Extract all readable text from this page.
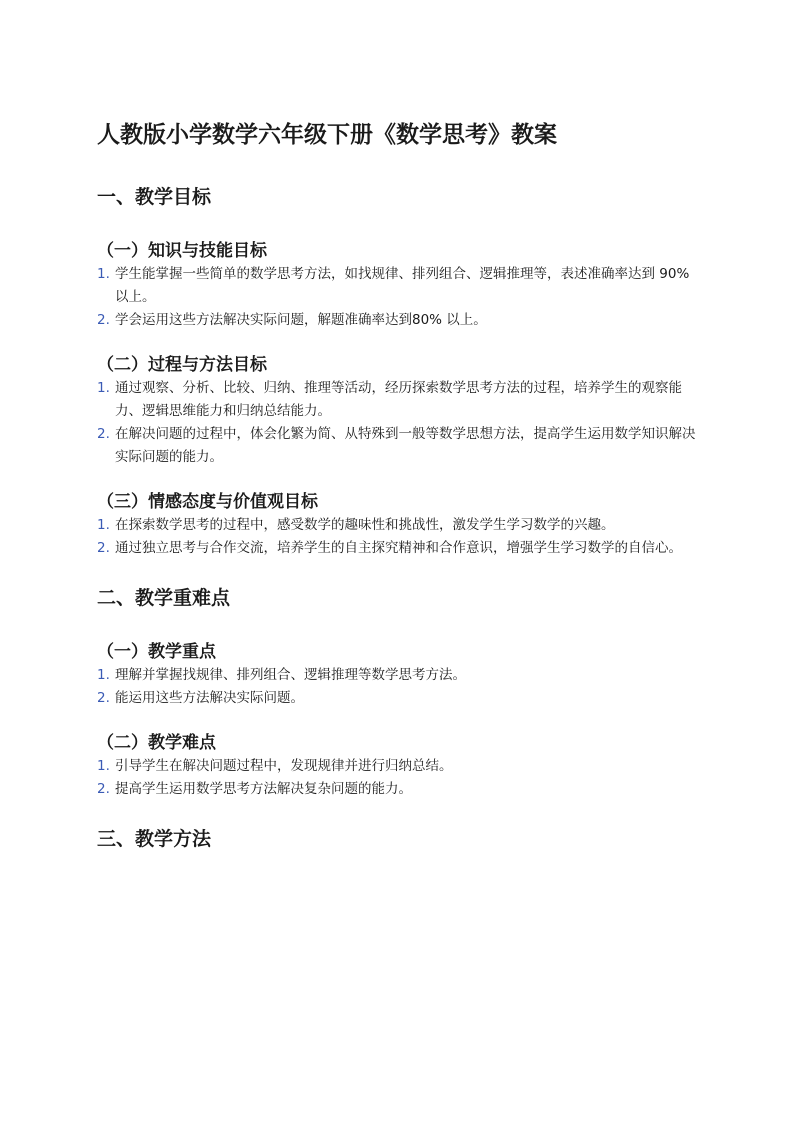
人教版小学数学六年级下册《数学思考》教案
一、教学目标
（一）知识与技能目标
1. 学生能掌握一些简单的数学思考方法，如找规律、排列组合、逻辑推理等，表述准确率达到 90% 以上。
2. 学会运用这些方法解决实际问题，解题准确率达到80% 以上。
（二）过程与方法目标
1. 通过观察、分析、比较、归纳、推理等活动，经历探索数学思考方法的过程，培养学生的观察能力、逻辑思维能力和归纳总结能力。
2. 在解决问题的过程中，体会化繁为简、从特殊到一般等数学思想方法，提高学生运用数学知识解决实际问题的能力。
（三）情感态度与价值观目标
1. 在探索数学思考的过程中，感受数学的趣味性和挑战性，激发学生学习数学的兴趣。
2. 通过独立思考与合作交流，培养学生的自主探究精神和合作意识，增强学生学习数学的自信心。
二、教学重难点
（一）教学重点
1. 理解并掌握找规律、排列组合、逻辑推理等数学思考方法。
2. 能运用这些方法解决实际问题。
（二）教学难点
1. 引导学生在解决问题过程中，发现规律并进行归纳总结。
2. 提高学生运用数学思考方法解决复杂问题的能力。
三、教学方法
